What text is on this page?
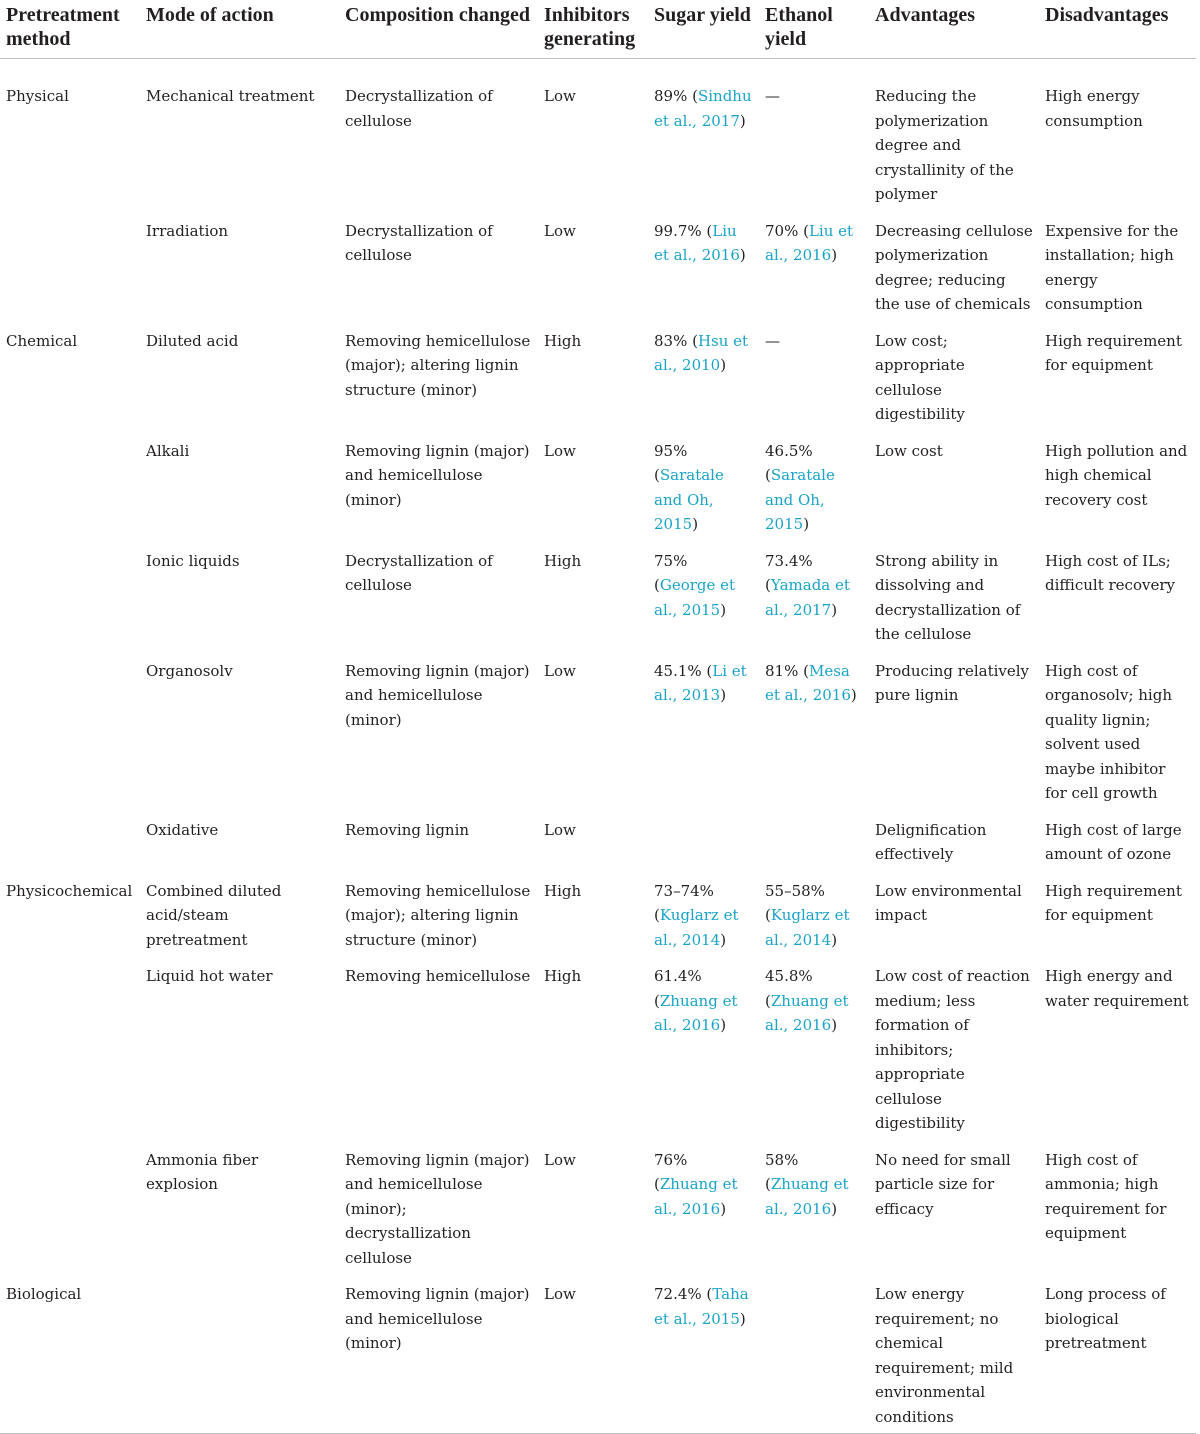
Pretreatment method	Mode of action	Composition changed	Inhibitors generating	Sugar yield	Ethanol yield	Advantages	Disadvantages
Physical	Mechanical treatment	Decrystallization of cellulose	Low	89% (Sindhu et al., 2017)	—	Reducing the polymerization degree and crystallinity of the polymer	High energy consumption
	Irradiation	Decrystallization of cellulose	Low	99.7% (Liu et al., 2016)	70% (Liu et al., 2016)	Decreasing cellulose polymerization degree; reducing the use of chemicals	Expensive for the installation; high energy consumption
Chemical	Diluted acid	Removing hemicellulose (major); altering lignin structure (minor)	High	83% (Hsu et al., 2010)	—	Low cost; appropriate cellulose digestibility	High requirement for equipment
	Alkali	Removing lignin (major) and hemicellulose (minor)	Low	95% (Saratale and Oh, 2015)	46.5% (Saratale and Oh, 2015)	Low cost	High pollution and high chemical recovery cost
	Ionic liquids	Decrystallization of cellulose	High	75% (George et al., 2015)	73.4% (Yamada et al., 2017)	Strong ability in dissolving and decrystallization of the cellulose	High cost of ILs; difficult recovery
	Organosolv	Removing lignin (major) and hemicellulose (minor)	Low	45.1% (Li et al., 2013)	81% (Mesa et al., 2016)	Producing relatively pure lignin	High cost of organosolv; high quality lignin; solvent used maybe inhibitor for cell growth
	Oxidative	Removing lignin	Low			Delignification effectively	High cost of large amount of ozone
Physicochemical	Combined diluted acid/steam pretreatment	Removing hemicellulose (major); altering lignin structure (minor)	High	73–74% (Kuglarz et al., 2014)	55–58% (Kuglarz et al., 2014)	Low environmental impact	High requirement for equipment
	Liquid hot water	Removing hemicellulose	High	61.4% (Zhuang et al., 2016)	45.8% (Zhuang et al., 2016)	Low cost of reaction medium; less formation of inhibitors; appropriate cellulose digestibility	High energy and water requirement
	Ammonia fiber explosion	Removing lignin (major) and hemicellulose (minor); decrystallization cellulose	Low	76% (Zhuang et al., 2016)	58% (Zhuang et al., 2016)	No need for small particle size for efficacy	High cost of ammonia; high requirement for equipment
Biological		Removing lignin (major) and hemicellulose (minor)	Low	72.4% (Taha et al., 2015)		Low energy requirement; no chemical requirement; mild environmental conditions	Long process of biological pretreatment
